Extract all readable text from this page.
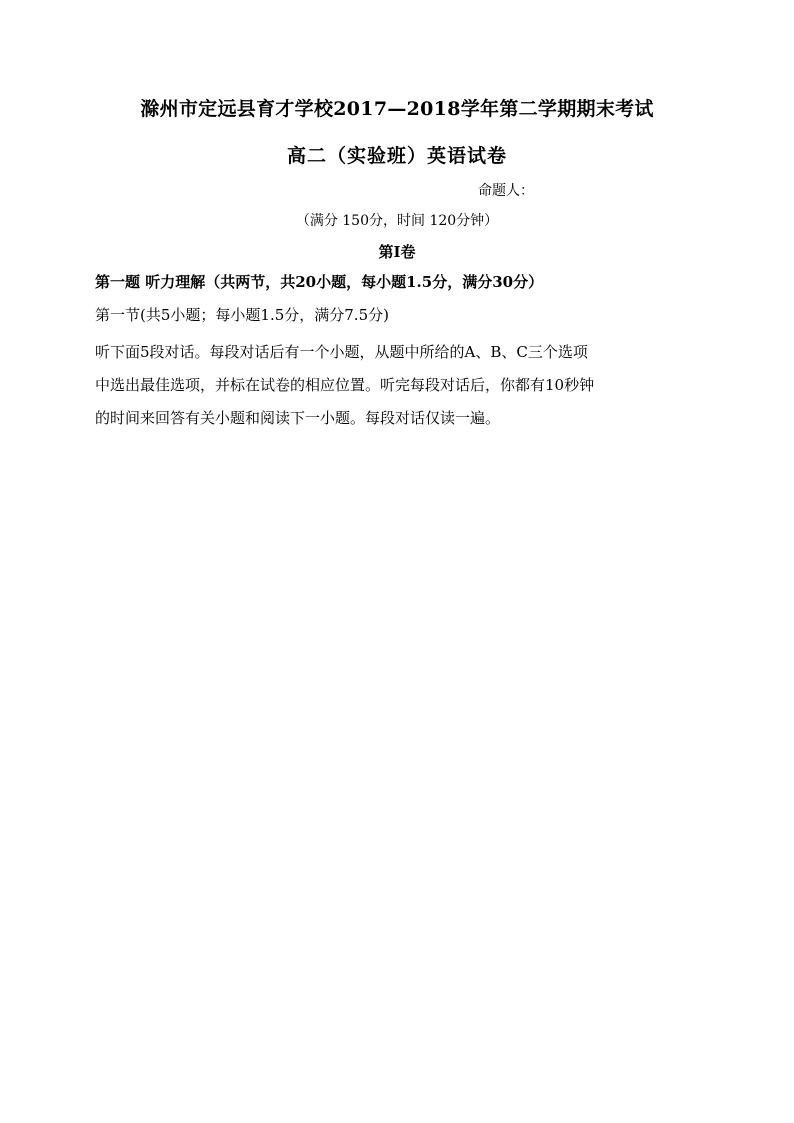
滁州市定远县育才学校2017—2018学年第二学期期末考试
高二（实验班）英语试卷
命题人：
（满分 150分，时间 120分钟）
第I卷
第一题 听力理解（共两节，共20小题，每小题1.5分，满分30分）
第一节(共5小题；每小题1.5分，满分7.5分)
听下面5段对话。每段对话后有一个小题，从题中所给的A、B、C三个选项
中选出最佳选项，并标在试卷的相应位置。听完每段对话后，你都有10秒钟
的时间来回答有关小题和阅读下一小题。每段对话仅读一遍。
